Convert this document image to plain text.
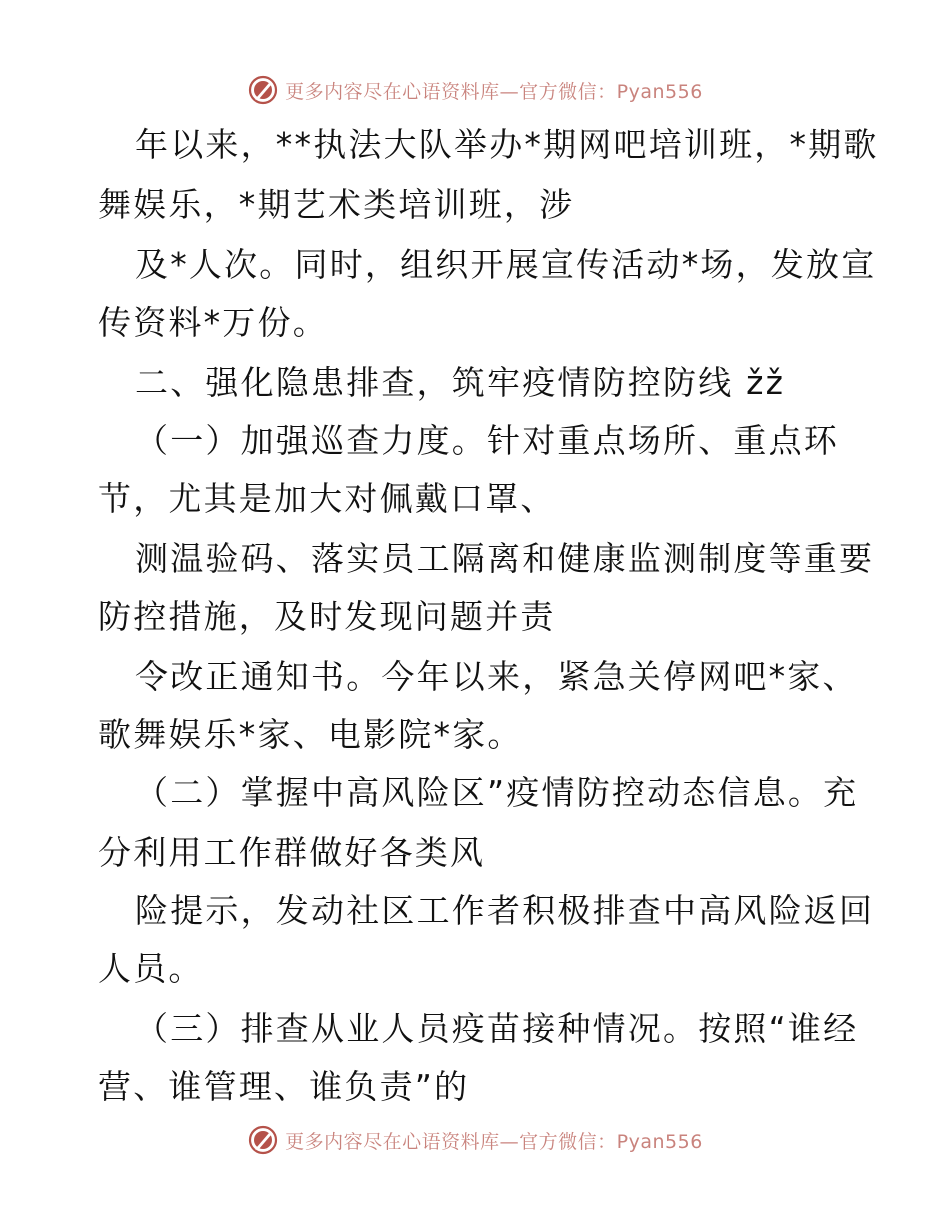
更多内容尽在心语资料库—官方微信：Pyan556
年以来，**执法大队举办*期网吧培训班，*期歌
舞娱乐，*期艺术类培训班，涉
及*人次。同时，组织开展宣传活动*场，发放宣
传资料*万份。
二、强化隐患排查，筑牢疫情防控防线 žž
（一）加强巡查力度。针对重点场所、重点环
节，尤其是加大对佩戴口罩、
测温验码、落实员工隔离和健康监测制度等重要
防控措施，及时发现问题并责
令改正通知书。今年以来，紧急关停网吧*家、
歌舞娱乐*家、电影院*家。
（二）掌握中高风险区”疫情防控动态信息。充
分利用工作群做好各类风
险提示，发动社区工作者积极排查中高风险返回
人员。
（三）排查从业人员疫苗接种情况。按照“谁经
营、谁管理、谁负责”的
更多内容尽在心语资料库—官方微信：Pyan556
